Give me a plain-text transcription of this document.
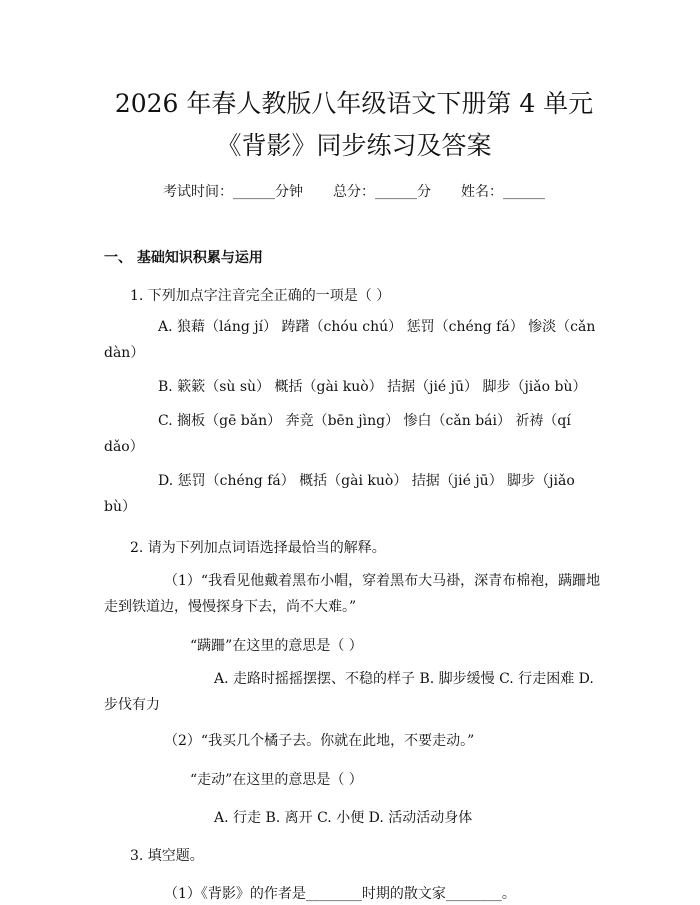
2026 年春人教版八年级语文下册第 4 单元
《背影》同步练习及答案
考试时间：______分钟 总分：______分 姓名：______
一、 基础知识积累与运用
1. 下列加点字注音完全正确的一项是（ ）
A. 狼藉（láng jí） 踌躇（chóu chú） 惩罚（chéng fá） 惨淡（cǎn dàn）
B. 簌簌（sù sù） 概括（gài kuò） 拮据（jié jū） 脚步（jiǎo bù）
C. 搁板（gē bǎn） 奔竞（bēn jìng） 惨白（cǎn bái） 祈祷（qí dǎo）
D. 惩罚（chéng fá） 概括（gài kuò） 拮据（jié jū） 脚步（jiǎo bù）
2. 请为下列加点词语选择最恰当的解释。
（1）“我看见他戴着黑布小帽，穿着黑布大马褂，深青布棉袍，蹒跚地走到铁道边，慢慢探身下去，尚不大难。”
“蹒跚”在这里的意思是（ ）
A. 走路时摇摇摆摆、不稳的样子 B. 脚步缓慢 C. 行走困难 D. 步伐有力
（2）“我买几个橘子去。你就在此地，不要走动。”
“走动”在这里的意思是（ ）
A. 行走 B. 离开 C. 小便 D. 活动活动身体
3. 填空题。
（1）《背影》的作者是________时期的散文家________。
